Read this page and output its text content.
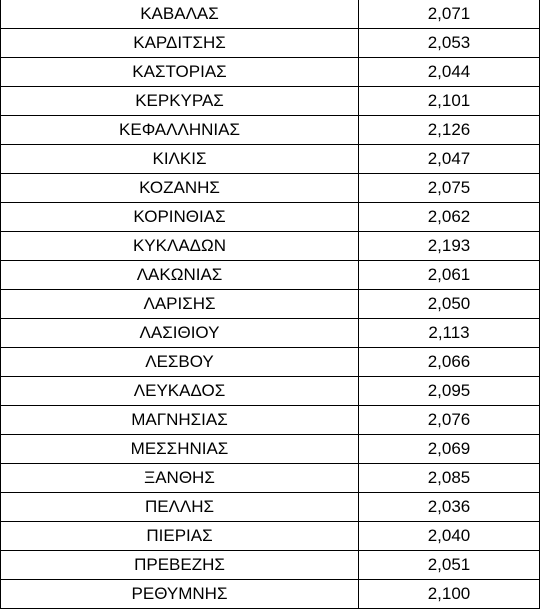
ΚΑΒΑΛΑΣ	2,071
ΚΑΡΔΙΤΣΗΣ	2,053
ΚΑΣΤΟΡΙΑΣ	2,044
ΚΕΡΚΥΡΑΣ	2,101
ΚΕΦΑΛΛΗΝΙΑΣ	2,126
ΚΙΛΚΙΣ	2,047
ΚΟΖΑΝΗΣ	2,075
ΚΟΡΙΝΘΙΑΣ	2,062
ΚΥΚΛΑΔΩΝ	2,193
ΛΑΚΩΝΙΑΣ	2,061
ΛΑΡΙΣΗΣ	2,050
ΛΑΣΙΘΙΟΥ	2,113
ΛΕΣΒΟΥ	2,066
ΛΕΥΚΑΔΟΣ	2,095
ΜΑΓΝΗΣΙΑΣ	2,076
ΜΕΣΣΗΝΙΑΣ	2,069
ΞΑΝΘΗΣ	2,085
ΠΕΛΛΗΣ	2,036
ΠΙΕΡΙΑΣ	2,040
ΠΡΕΒΕΖΗΣ	2,051
ΡΕΘΥΜΝΗΣ	2,100
